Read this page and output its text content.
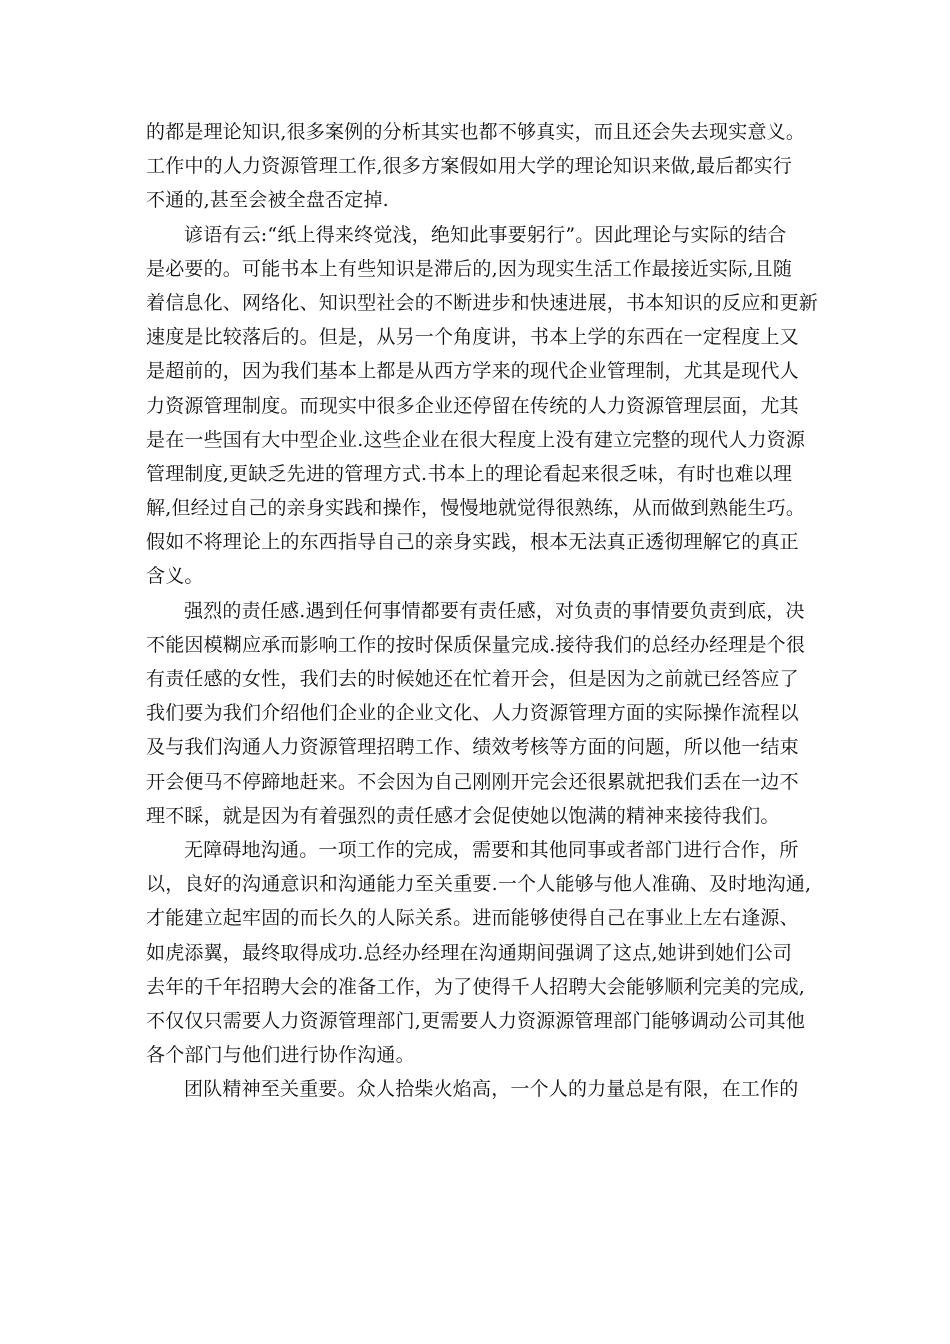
的都是理论知识,很多案例的分析其实也都不够真实，而且还会失去现实意义。
工作中的人力资源管理工作,很多方案假如用大学的理论知识来做,最后都实行
不通的,甚至会被全盘否定掉.
谚语有云:“纸上得来终觉浅，绝知此事要躬行”。因此理论与实际的结合
是必要的。可能书本上有些知识是滞后的,因为现实生活工作最接近实际,且随
着信息化、网络化、知识型社会的不断进步和快速进展，书本知识的反应和更新
速度是比较落后的。但是，从另一个角度讲，书本上学的东西在一定程度上又
是超前的，因为我们基本上都是从西方学来的现代企业管理制，尤其是现代人
力资源管理制度。而现实中很多企业还停留在传统的人力资源管理层面，尤其
是在一些国有大中型企业.这些企业在很大程度上没有建立完整的现代人力资源
管理制度,更缺乏先进的管理方式.书本上的理论看起来很乏味，有时也难以理
解,但经过自己的亲身实践和操作，慢慢地就觉得很熟练，从而做到熟能生巧。
假如不将理论上的东西指导自己的亲身实践，根本无法真正透彻理解它的真正
含义。
强烈的责任感.遇到任何事情都要有责任感，对负责的事情要负责到底，决
不能因模糊应承而影响工作的按时保质保量完成.接待我们的总经办经理是个很
有责任感的女性，我们去的时候她还在忙着开会，但是因为之前就已经答应了
我们要为我们介绍他们企业的企业文化、人力资源管理方面的实际操作流程以
及与我们沟通人力资源管理招聘工作、绩效考核等方面的问题，所以他一结束
开会便马不停蹄地赶来。不会因为自己刚刚开完会还很累就把我们丢在一边不
理不睬，就是因为有着强烈的责任感才会促使她以饱满的精神来接待我们。
无障碍地沟通。一项工作的完成，需要和其他同事或者部门进行合作，所
以，良好的沟通意识和沟通能力至关重要.一个人能够与他人准确、及时地沟通,
才能建立起牢固的而长久的人际关系。进而能够使得自己在事业上左右逢源、
如虎添翼，最终取得成功.总经办经理在沟通期间强调了这点,她讲到她们公司
去年的千年招聘大会的准备工作，为了使得千人招聘大会能够顺利完美的完成,
不仅仅只需要人力资源管理部门,更需要人力资源源管理部门能够调动公司其他
各个部门与他们进行协作沟通。
团队精神至关重要。众人拾柴火焰高，一个人的力量总是有限，在工作的
